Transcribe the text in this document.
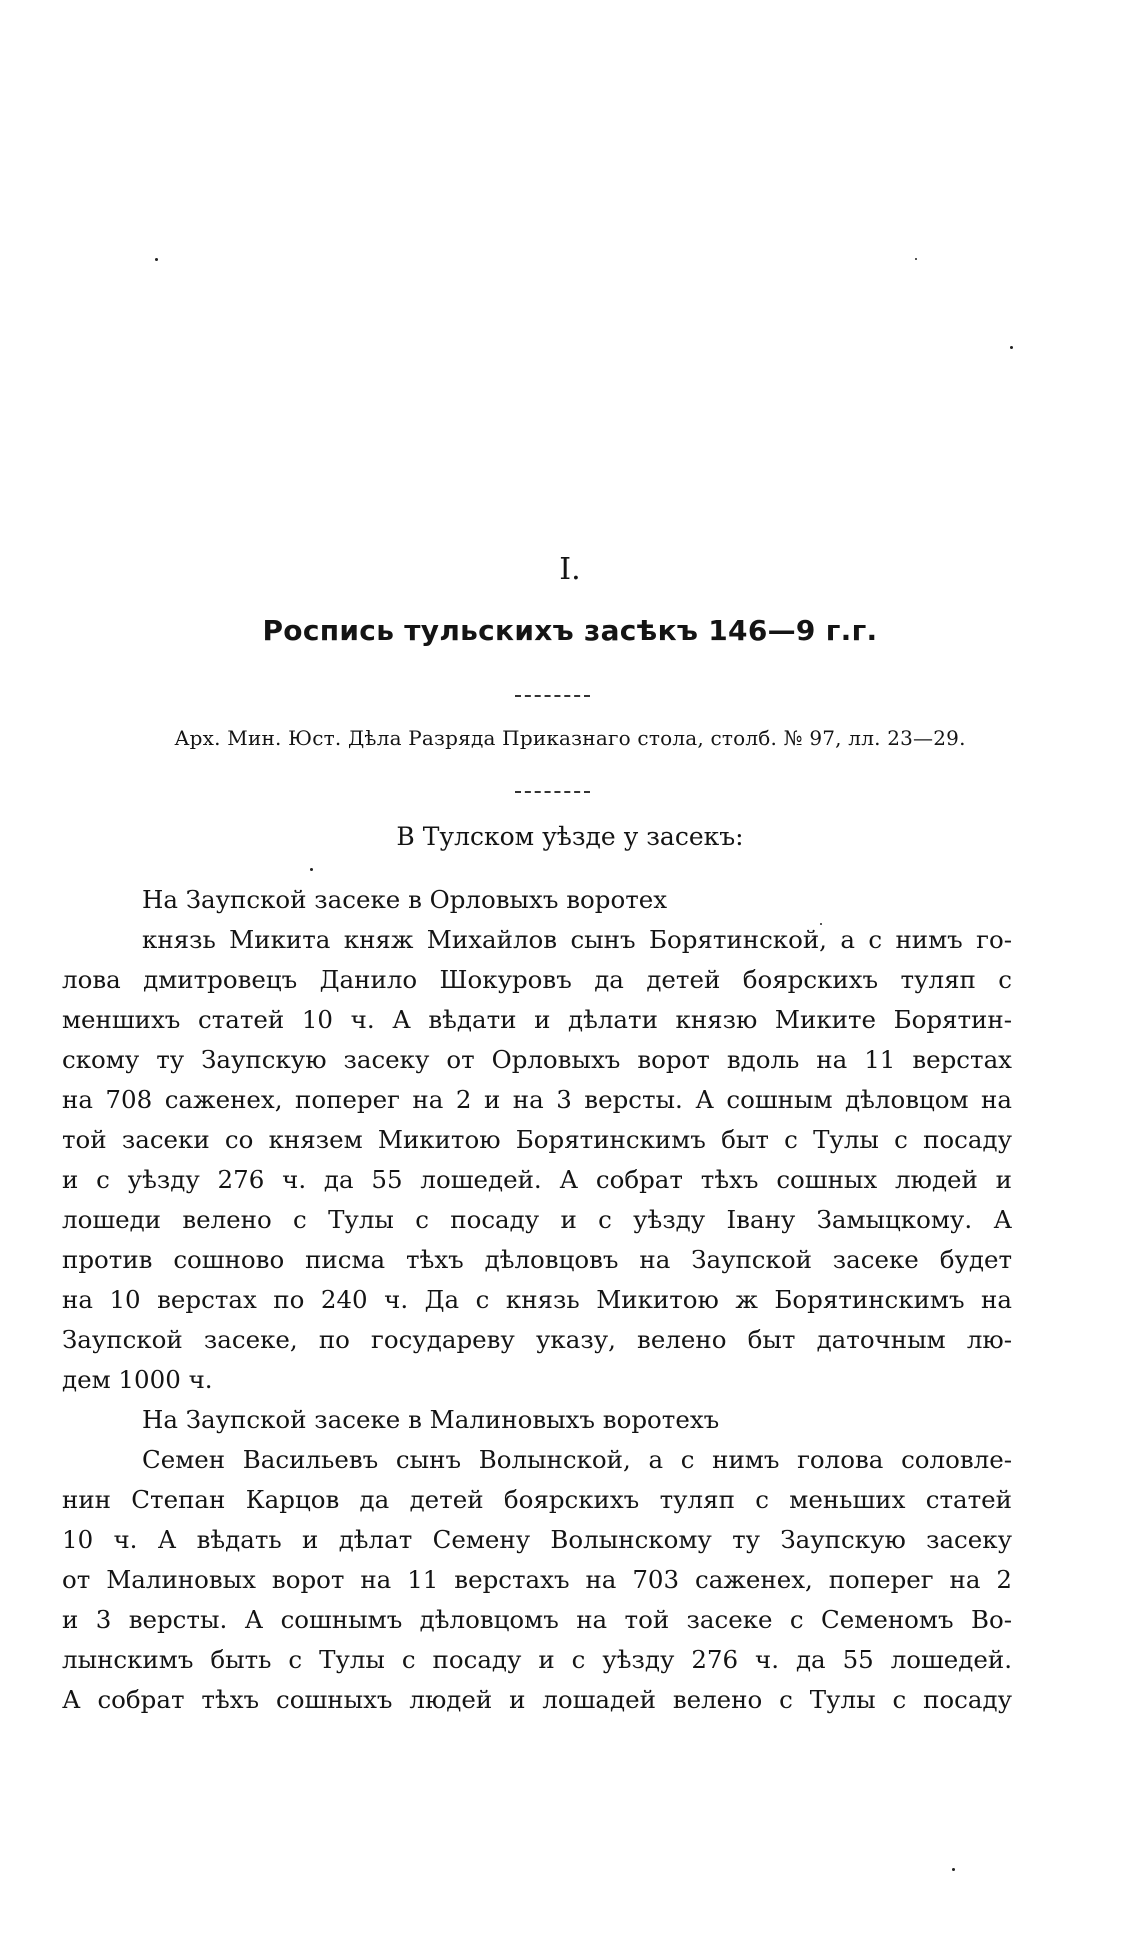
I.
Роспись тульскихъ засѣкъ 146—9 г.г.
Арх. Мин. Юст. Дѣла Разряда Приказнаго стола, столб. № 97, лл. 23—29.
В Тулском уѣзде у засекъ:
На Заупской засеке в Орловыхъ воротех
князь Микита княж Михайлов сынъ Борятинской, а с нимъ го-
лова дмитровецъ Данило Шокуровъ да детей боярскихъ туляп с
меншихъ статей 10 ч. А вѣдати и дѣлати князю Миките Борятин-
скому ту Заупскую засеку от Орловыхъ ворот вдоль на 11 верстах
на 708 саженех, поперег на 2 и на 3 версты. А сошным дѣловцом на
той засеки со князем Микитою Борятинскимъ быт с Тулы с посаду
и с уѣзду 276 ч. да 55 лошедей. А собрат тѣхъ сошных людей и
лошеди велено с Тулы с посаду и с уѣзду Івану Замыцкому. А
против сошново писма тѣхъ дѣловцовъ на Заупской засеке будет
на 10 верстах по 240 ч. Да с князь Микитою ж Борятинскимъ на
Заупской засеке, по государеву указу, велено быт даточным лю-
дем 1000 ч.
На Заупской засеке в Малиновыхъ воротехъ
Семен Васильевъ сынъ Волынской, а с нимъ голова соловле-
нин Степан Карцов да детей боярскихъ туляп с меньших статей
10 ч. А вѣдать и дѣлат Семену Волынскому ту Заупскую засеку
от Малиновых ворот на 11 верстахъ на 703 саженех, поперег на 2
и 3 версты. А сошнымъ дѣловцомъ на той засеке с Семеномъ Во-
лынскимъ быть с Тулы с посаду и с уѣзду 276 ч. да 55 лошедей.
А собрат тѣхъ сошныхъ людей и лошадей велено с Тулы с посаду
